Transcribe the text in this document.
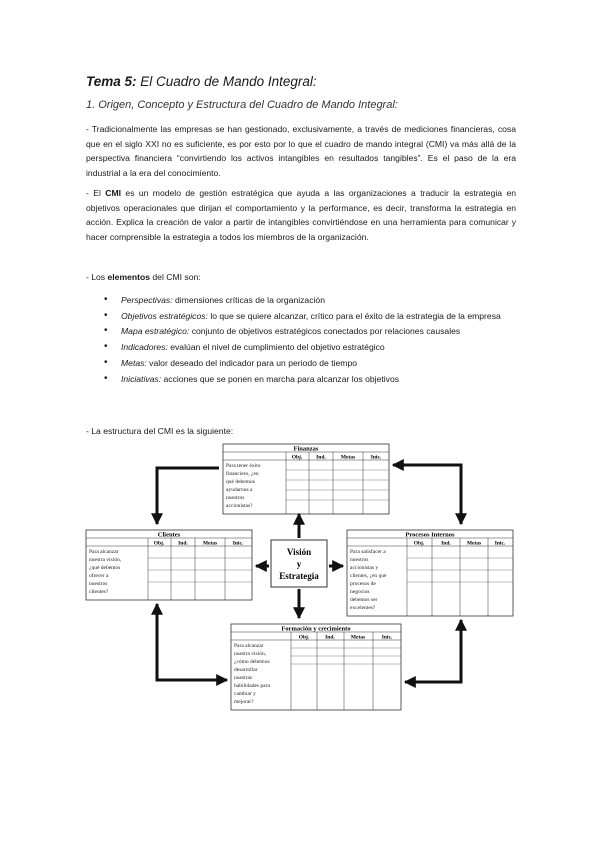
Tema 5: El Cuadro de Mando Integral:
1. Origen, Concepto y Estructura del Cuadro de Mando Integral:
- Tradicionalmente las empresas se han gestionado, exclusivamente, a través de mediciones financieras, cosa que en el siglo XXI no es suficiente, es por esto por lo que el cuadro de mando integral (CMI) va más allá de la perspectiva financiera “convirtiendo los activos intangibles en resultados tangibles”. Es el paso de la era industrial a la era del conocimiento.
- El CMI es un modelo de gestión estratégica que ayuda a las organizaciones a traducir la estrategia en objetivos operacionales que dirijan el comportamiento y la performance, es decir, transforma la estrategia en acción. Explica la creación de valor a partir de intangibles convirtiéndose en una herramienta para comunicar y hacer comprensible la estrategia a todos los miembros de la organización.
- Los elementos del CMI son:
• Perspectivas: dimensiones críticas de la organización
• Objetivos estratégicos: lo que se quiere alcanzar, crítico para el éxito de la estrategia de la empresa
• Mapa estratégico: conjunto de objetivos estratégicos conectados por relaciones causales
• Indicadores: evalúan el nivel de cumplimiento del objetivo estratégico
• Metas: valor deseado del indicador para un periodo de tiempo
• Iniciativas: acciones que se ponen en marcha para alcanzar los objetivos
- La estructura del CMI es la siguiente:
Finanzas
Obj.	Ind.	Metas	Inic.
Para tener éxito financiero, ¿en qué debemos ayudarnos a nuestros accionistas?
Clientes
Obj.	Ind.	Metas	Inic.
Para alcanzar nuestra visión, ¿qué debemos ofrecer a nuestros clientes?
Procesos Internos
Obj.	Ind.	Metas Inic.
Para satisfacer a nuestros accionistas y clientes, ¿en qué procesos de negocios debemos ser excelentes?
Formación y crecimiento
Obj.	Ind.	Metas	Inic.
Para alcanzar nuestra visión, ¿cómo debemos desarrollar nuestras habilidades para cambiar y mejorar?
Visión
y
Estrategia
